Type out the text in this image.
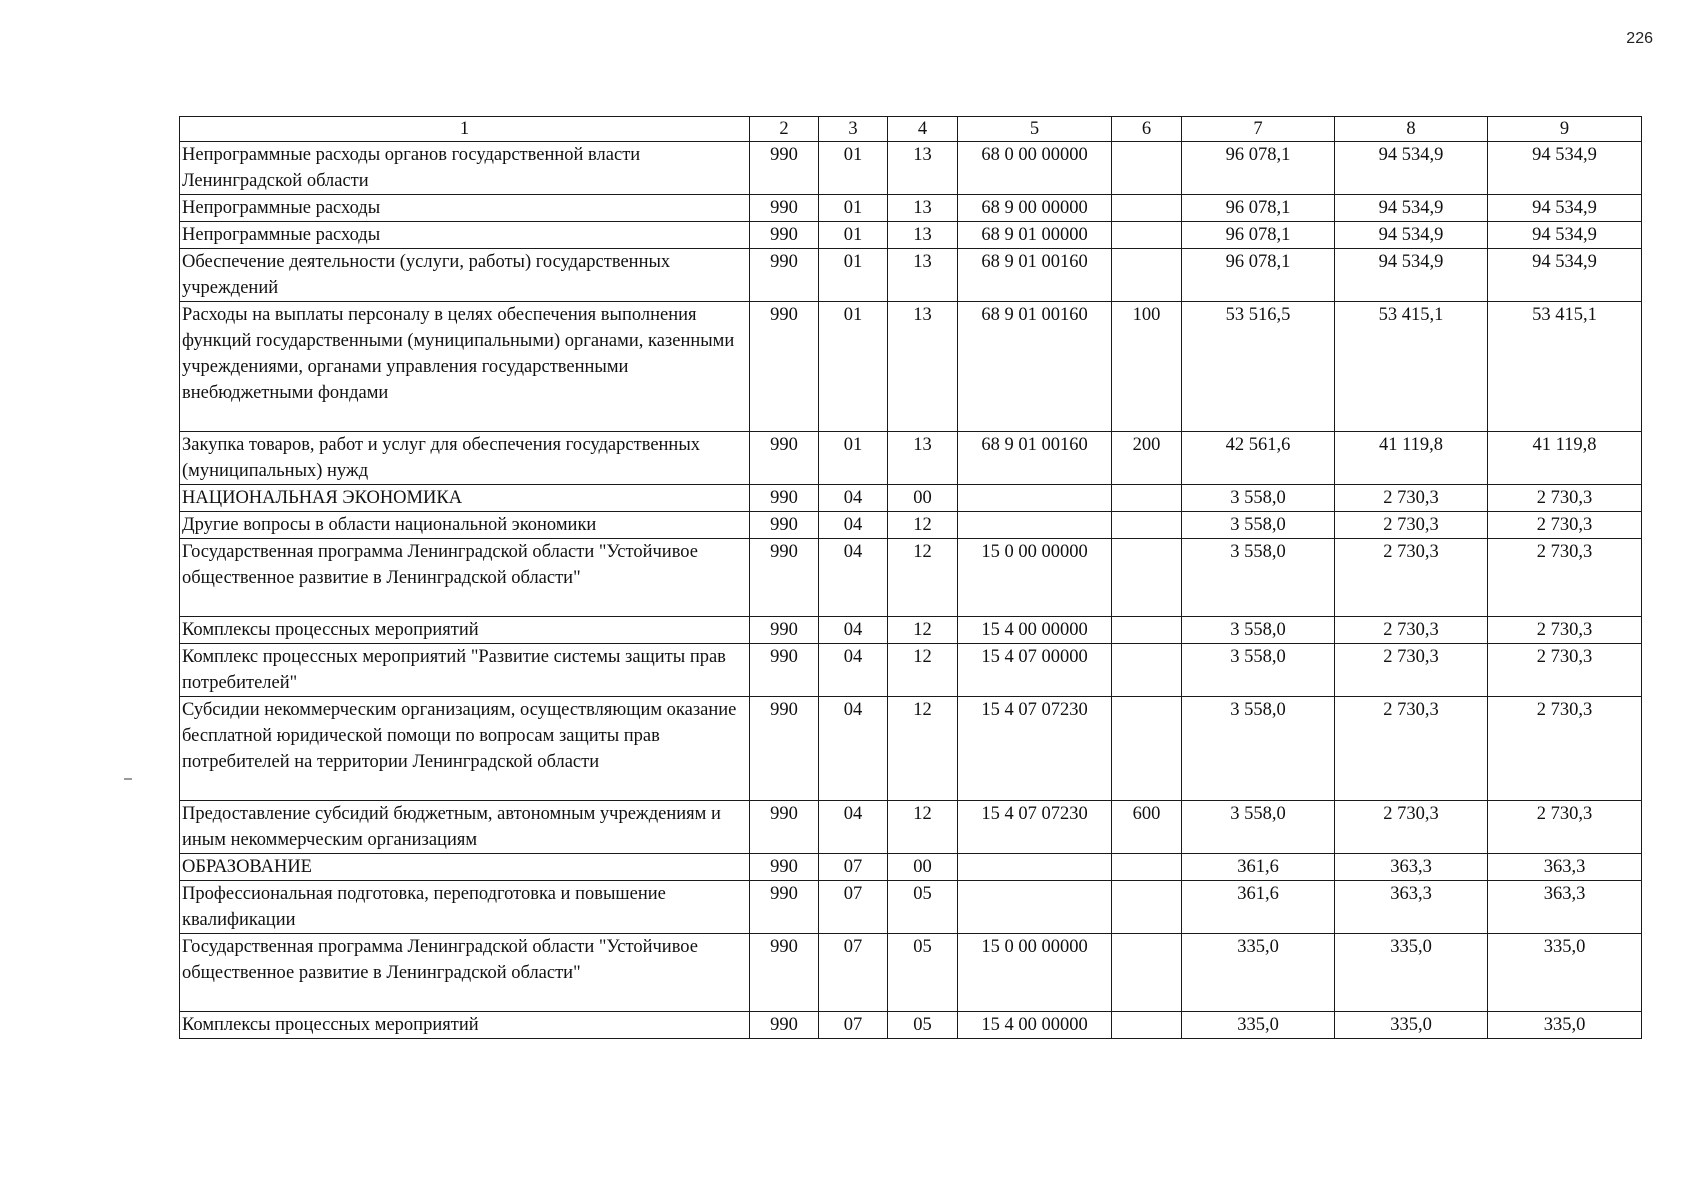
226
1	2	3	4	5	6	7	8	9
Непрограммные расходы органов государственной власти Ленинградской области	990	01	13	68 0 00 00000		96 078,1	94 534,9	94 534,9
Непрограммные расходы	990	01	13	68 9 00 00000		96 078,1	94 534,9	94 534,9
Непрограммные расходы	990	01	13	68 9 01 00000		96 078,1	94 534,9	94 534,9
Обеспечение деятельности (услуги, работы) государственных учреждений	990	01	13	68 9 01 00160		96 078,1	94 534,9	94 534,9
Расходы на выплаты персоналу в целях обеспечения выполнения функций государственными (муниципальными) органами, казенными учреждениями, органами управления государственными внебюджетными фондами	990	01	13	68 9 01 00160	100	53 516,5	53 415,1	53 415,1
Закупка товаров, работ и услуг для обеспечения государственных (муниципальных) нужд	990	01	13	68 9 01 00160	200	42 561,6	41 119,8	41 119,8
НАЦИОНАЛЬНАЯ ЭКОНОМИКА	990	04	00			3 558,0	2 730,3	2 730,3
Другие вопросы в области национальной экономики	990	04	12			3 558,0	2 730,3	2 730,3
Государственная программа Ленинградской области "Устойчивое общественное развитие в Ленинградской области"	990	04	12	15 0 00 00000		3 558,0	2 730,3	2 730,3
Комплексы процессных мероприятий	990	04	12	15 4 00 00000		3 558,0	2 730,3	2 730,3
Комплекс процессных мероприятий "Развитие системы защиты прав потребителей"	990	04	12	15 4 07 00000		3 558,0	2 730,3	2 730,3
Субсидии некоммерческим организациям, осуществляющим оказание бесплатной юридической помощи по вопросам защиты прав потребителей на территории Ленинградской области	990	04	12	15 4 07 07230		3 558,0	2 730,3	2 730,3
Предоставление субсидий бюджетным, автономным учреждениям и иным некоммерческим организациям	990	04	12	15 4 07 07230	600	3 558,0	2 730,3	2 730,3
ОБРАЗОВАНИЕ	990	07	00			361,6	363,3	363,3
Профессиональная подготовка, переподготовка и повышение квалификации	990	07	05			361,6	363,3	363,3
Государственная программа Ленинградской области "Устойчивое общественное развитие в Ленинградской области"	990	07	05	15 0 00 00000		335,0	335,0	335,0
Комплексы процессных мероприятий	990	07	05	15 4 00 00000		335,0	335,0	335,0
